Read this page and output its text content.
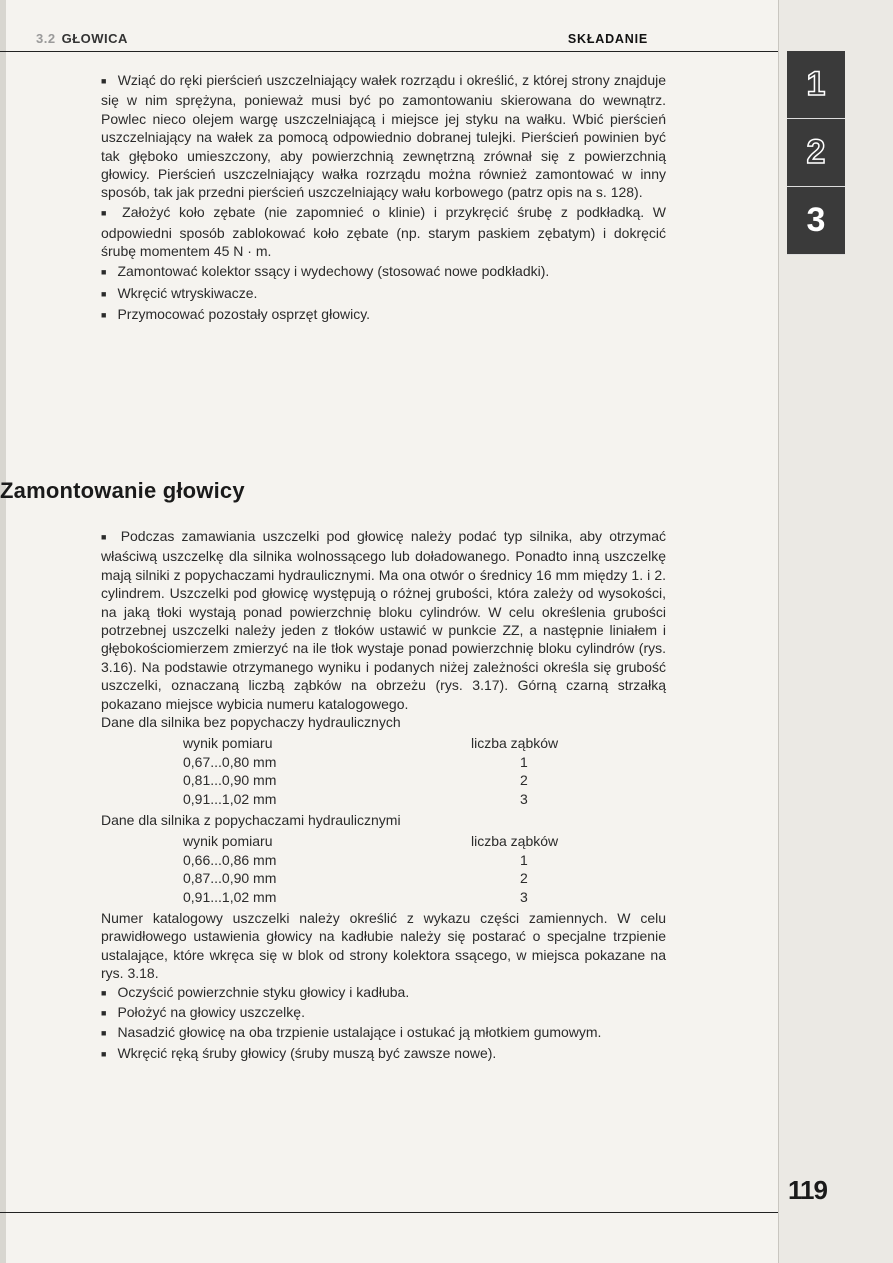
3.2 GŁOWICA	SKŁADANIE

■ Wziąć do ręki pierścień uszczelniający wałek rozrządu i określić, z której strony znajduje się w nim sprężyna, ponieważ musi być po zamontowaniu skierowana do wewnątrz. Powlec nieco olejem wargę uszczelniającą i miejsce jej styku na wałku. Wbić pierścień uszczelniający na wałek za pomocą odpowiednio dobranej tulejki. Pierścień powinien być tak głęboko umieszczony, aby powierzchnią zewnętrzną zrównał się z powierzchnią głowicy. Pierścień uszczelniający wałka rozrządu można również zamontować w inny sposób, tak jak przedni pierścień uszczelniający wału korbowego (patrz opis na s. 128).

■ Założyć koło zębate (nie zapomnieć o klinie) i przykręcić śrubę z podkładką. W odpowiedni sposób zablokować koło zębate (np. starym paskiem zębatym) i dokręcić śrubę momentem 45 N · m.

■ Zamontować kolektor ssący i wydechowy (stosować nowe podkładki).

■ Wkręcić wtryskiwacze.

■ Przymocować pozostały osprzęt głowicy.

Zamontowanie głowicy

■ Podczas zamawiania uszczelki pod głowicę należy podać typ silnika, aby otrzymać właściwą uszczelkę dla silnika wolnossącego lub doładowanego. Ponadto inną uszczelkę mają silniki z popychaczami hydraulicznymi. Ma ona otwór o średnicy 16 mm między 1. i 2. cylindrem. Uszczelki pod głowicę występują o różnej grubości, która zależy od wysokości, na jaką tłoki wystają ponad powierzchnię bloku cylindrów. W celu określenia grubości potrzebnej uszczelki należy jeden z tłoków ustawić w punkcie ZZ, a następnie liniałem i głębokościomierzem zmierzyć na ile tłok wystaje ponad powierzchnię bloku cylindrów (rys. 3.16). Na podstawie otrzymanego wyniku i podanych niżej zależności określa się grubość uszczelki, oznaczaną liczbą ząbków na obrzeżu (rys. 3.17). Górną czarną strzałką pokazano miejsce wybicia numeru katalogowego.

Dane dla silnika bez popychaczy hydraulicznych

wynik pomiaru	liczba ząbków
0,67...0,80 mm	1
0,81...0,90 mm	2
0,91...1,02 mm	3

Dane dla silnika z popychaczami hydraulicznymi

wynik pomiaru	liczba ząbków
0,66...0,86 mm	1
0,87...0,90 mm	2
0,91...1,02 mm	3

Numer katalogowy uszczelki należy określić z wykazu części zamiennych. W celu prawidłowego ustawienia głowicy na kadłubie należy się postarać o specjalne trzpienie ustalające, które wkręca się w blok od strony kolektora ssącego, w miejsca pokazane na rys. 3.18.

■ Oczyścić powierzchnie styku głowicy i kadłuba.

■ Położyć na głowicy uszczelkę.

■ Nasadzić głowicę na oba trzpienie ustalające i ostukać ją młotkiem gumowym.

■ Wkręcić ręką śruby głowicy (śruby muszą być zawsze nowe).

1
2
3
119
